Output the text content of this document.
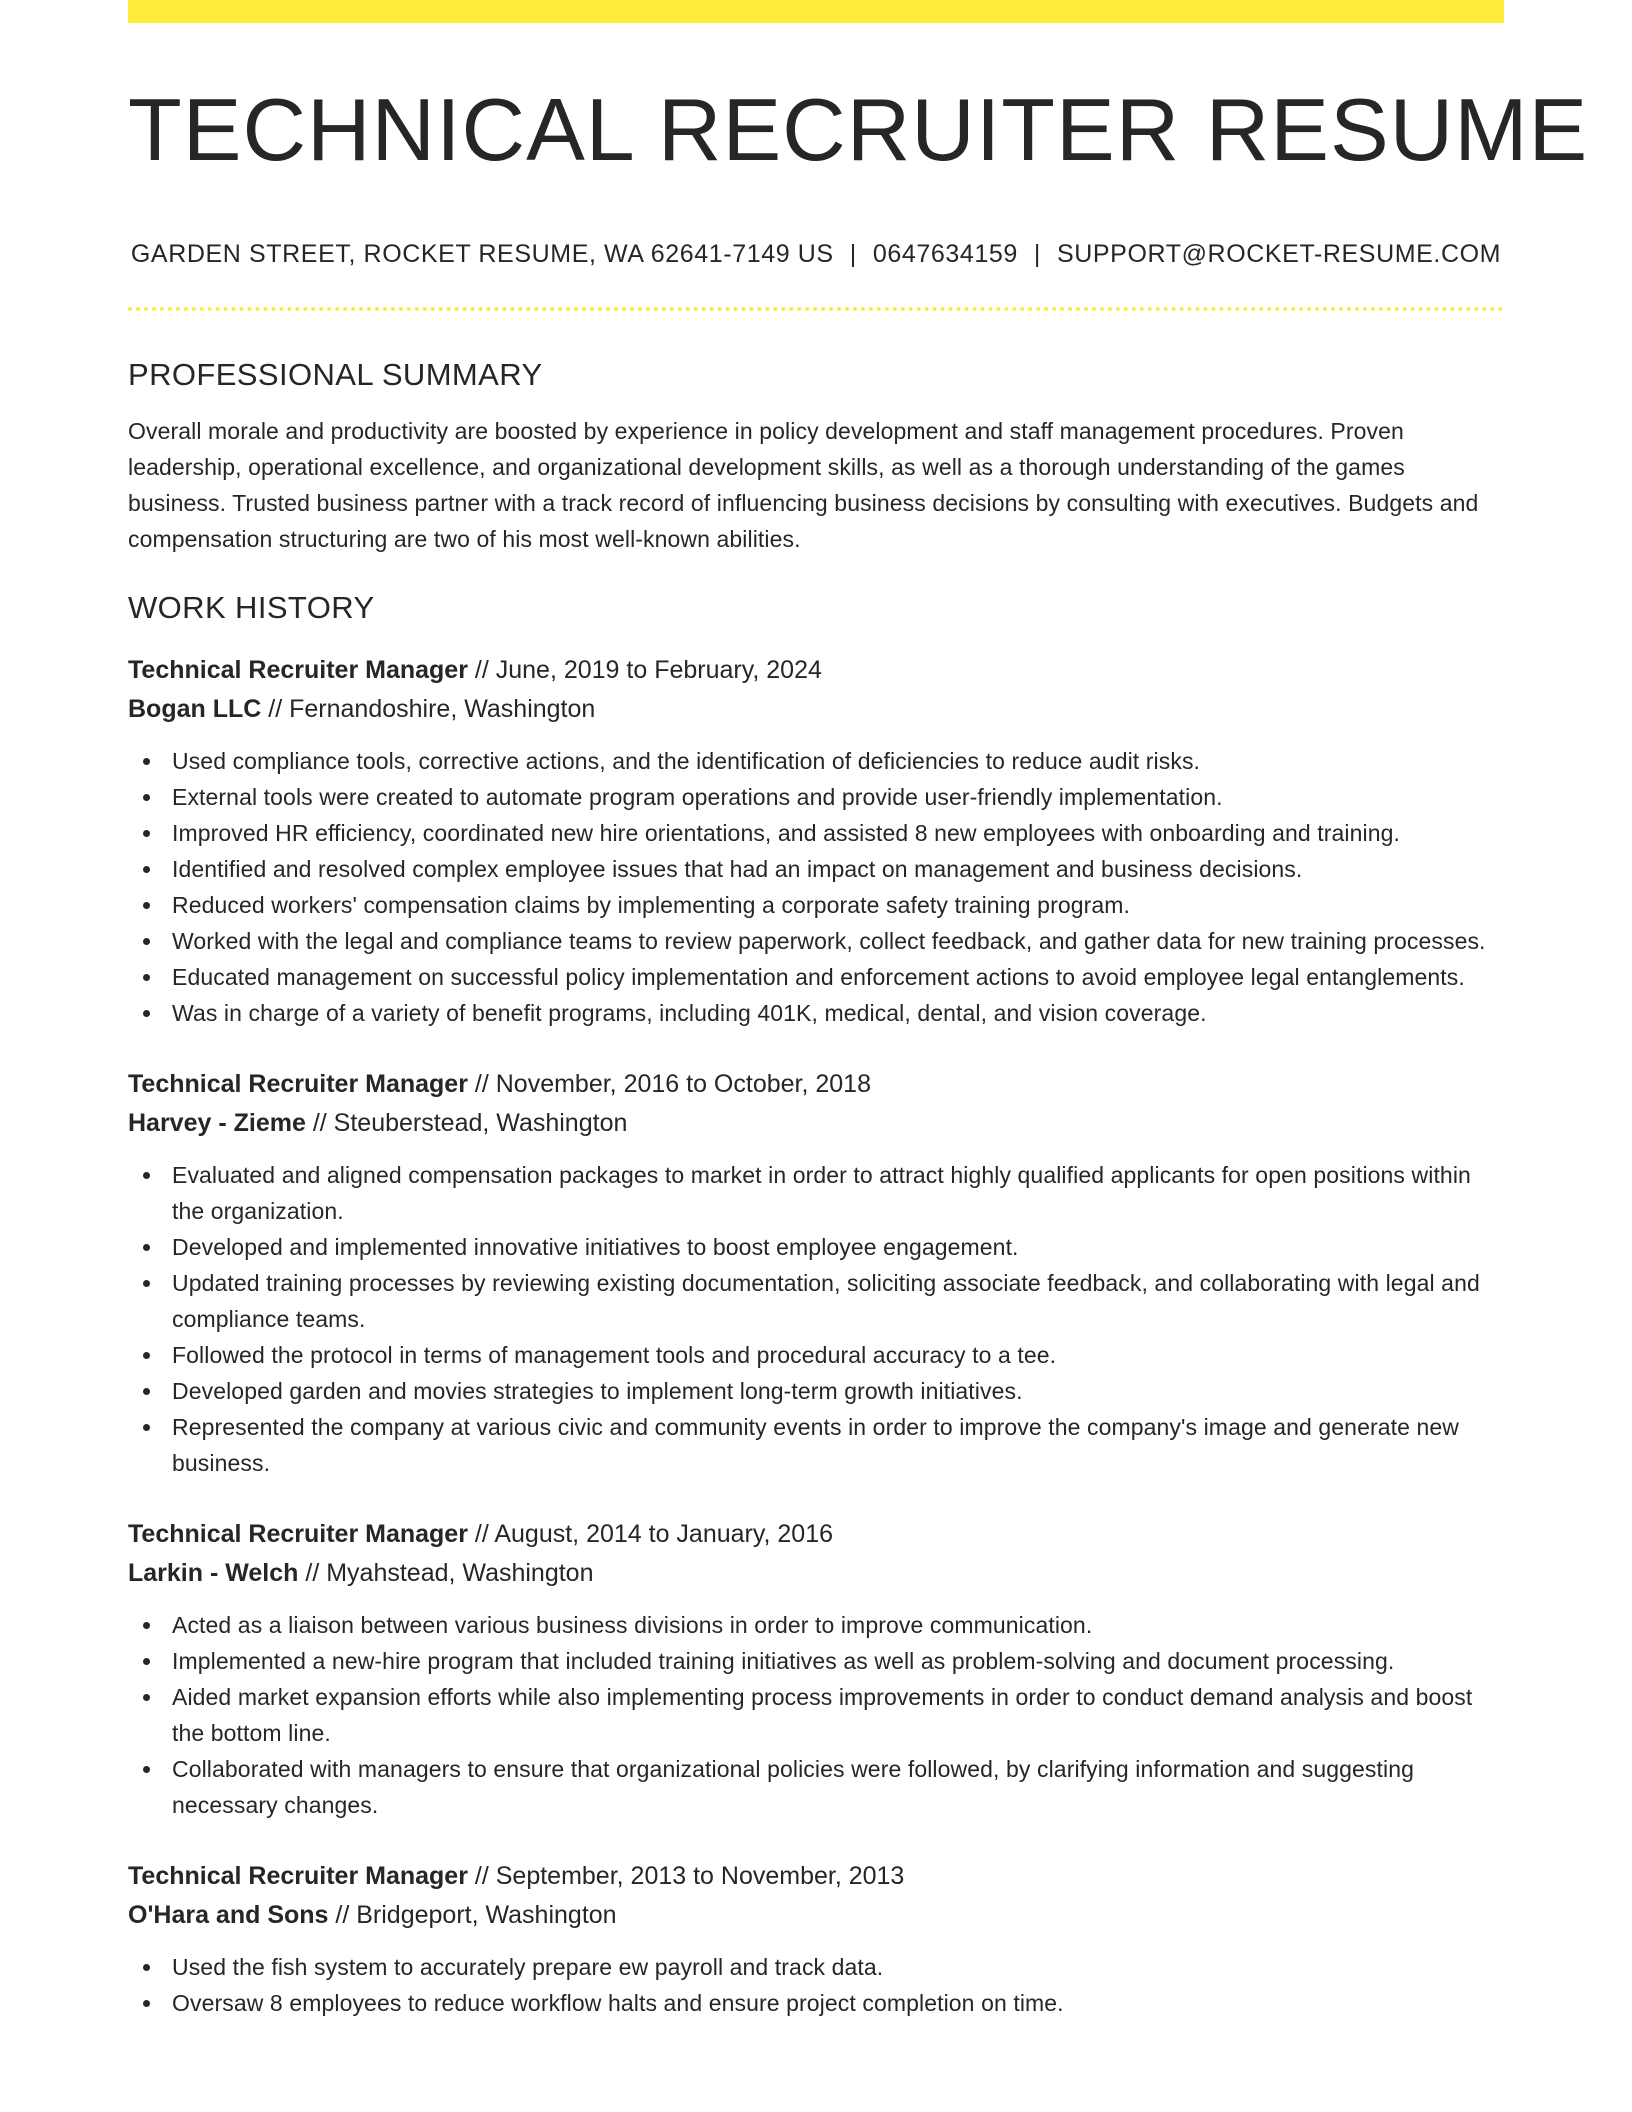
TECHNICAL RECRUITER RESUME
GARDEN STREET, ROCKET RESUME, WA 62641-7149 US | 0647634159 | SUPPORT@ROCKET-RESUME.COM
PROFESSIONAL SUMMARY

Overall morale and productivity are boosted by experience in policy development and staff management procedures. Proven leadership, operational excellence, and organizational development skills, as well as a thorough understanding of the games business. Trusted business partner with a track record of influencing business decisions by consulting with executives. Budgets and compensation structuring are two of his most well-known abilities.

WORK HISTORY
Technical Recruiter Manager // June, 2019 to February, 2024
Bogan LLC // Fernandoshire, Washington
Used compliance tools, corrective actions, and the identification of deficiencies to reduce audit risks.
External tools were created to automate program operations and provide user-friendly implementation.
Improved HR efficiency, coordinated new hire orientations, and assisted 8 new employees with onboarding and training.
Identified and resolved complex employee issues that had an impact on management and business decisions.
Reduced workers' compensation claims by implementing a corporate safety training program.
Worked with the legal and compliance teams to review paperwork, collect feedback, and gather data for new training processes.
Educated management on successful policy implementation and enforcement actions to avoid employee legal entanglements.
Was in charge of a variety of benefit programs, including 401K, medical, dental, and vision coverage.
Technical Recruiter Manager // November, 2016 to October, 2018
Harvey - Zieme // Steuberstead, Washington
Evaluated and aligned compensation packages to market in order to attract highly qualified applicants for open positions within the organization.
Developed and implemented innovative initiatives to boost employee engagement.
Updated training processes by reviewing existing documentation, soliciting associate feedback, and collaborating with legal and compliance teams.
Followed the protocol in terms of management tools and procedural accuracy to a tee.
Developed garden and movies strategies to implement long-term growth initiatives.
Represented the company at various civic and community events in order to improve the company's image and generate new business.
Technical Recruiter Manager // August, 2014 to January, 2016
Larkin - Welch // Myahstead, Washington
Acted as a liaison between various business divisions in order to improve communication.
Implemented a new-hire program that included training initiatives as well as problem-solving and document processing.
Aided market expansion efforts while also implementing process improvements in order to conduct demand analysis and boost the bottom line.
Collaborated with managers to ensure that organizational policies were followed, by clarifying information and suggesting necessary changes.
Technical Recruiter Manager // September, 2013 to November, 2013
O'Hara and Sons // Bridgeport, Washington
Used the fish system to accurately prepare ew payroll and track data.
Oversaw 8 employees to reduce workflow halts and ensure project completion on time.
